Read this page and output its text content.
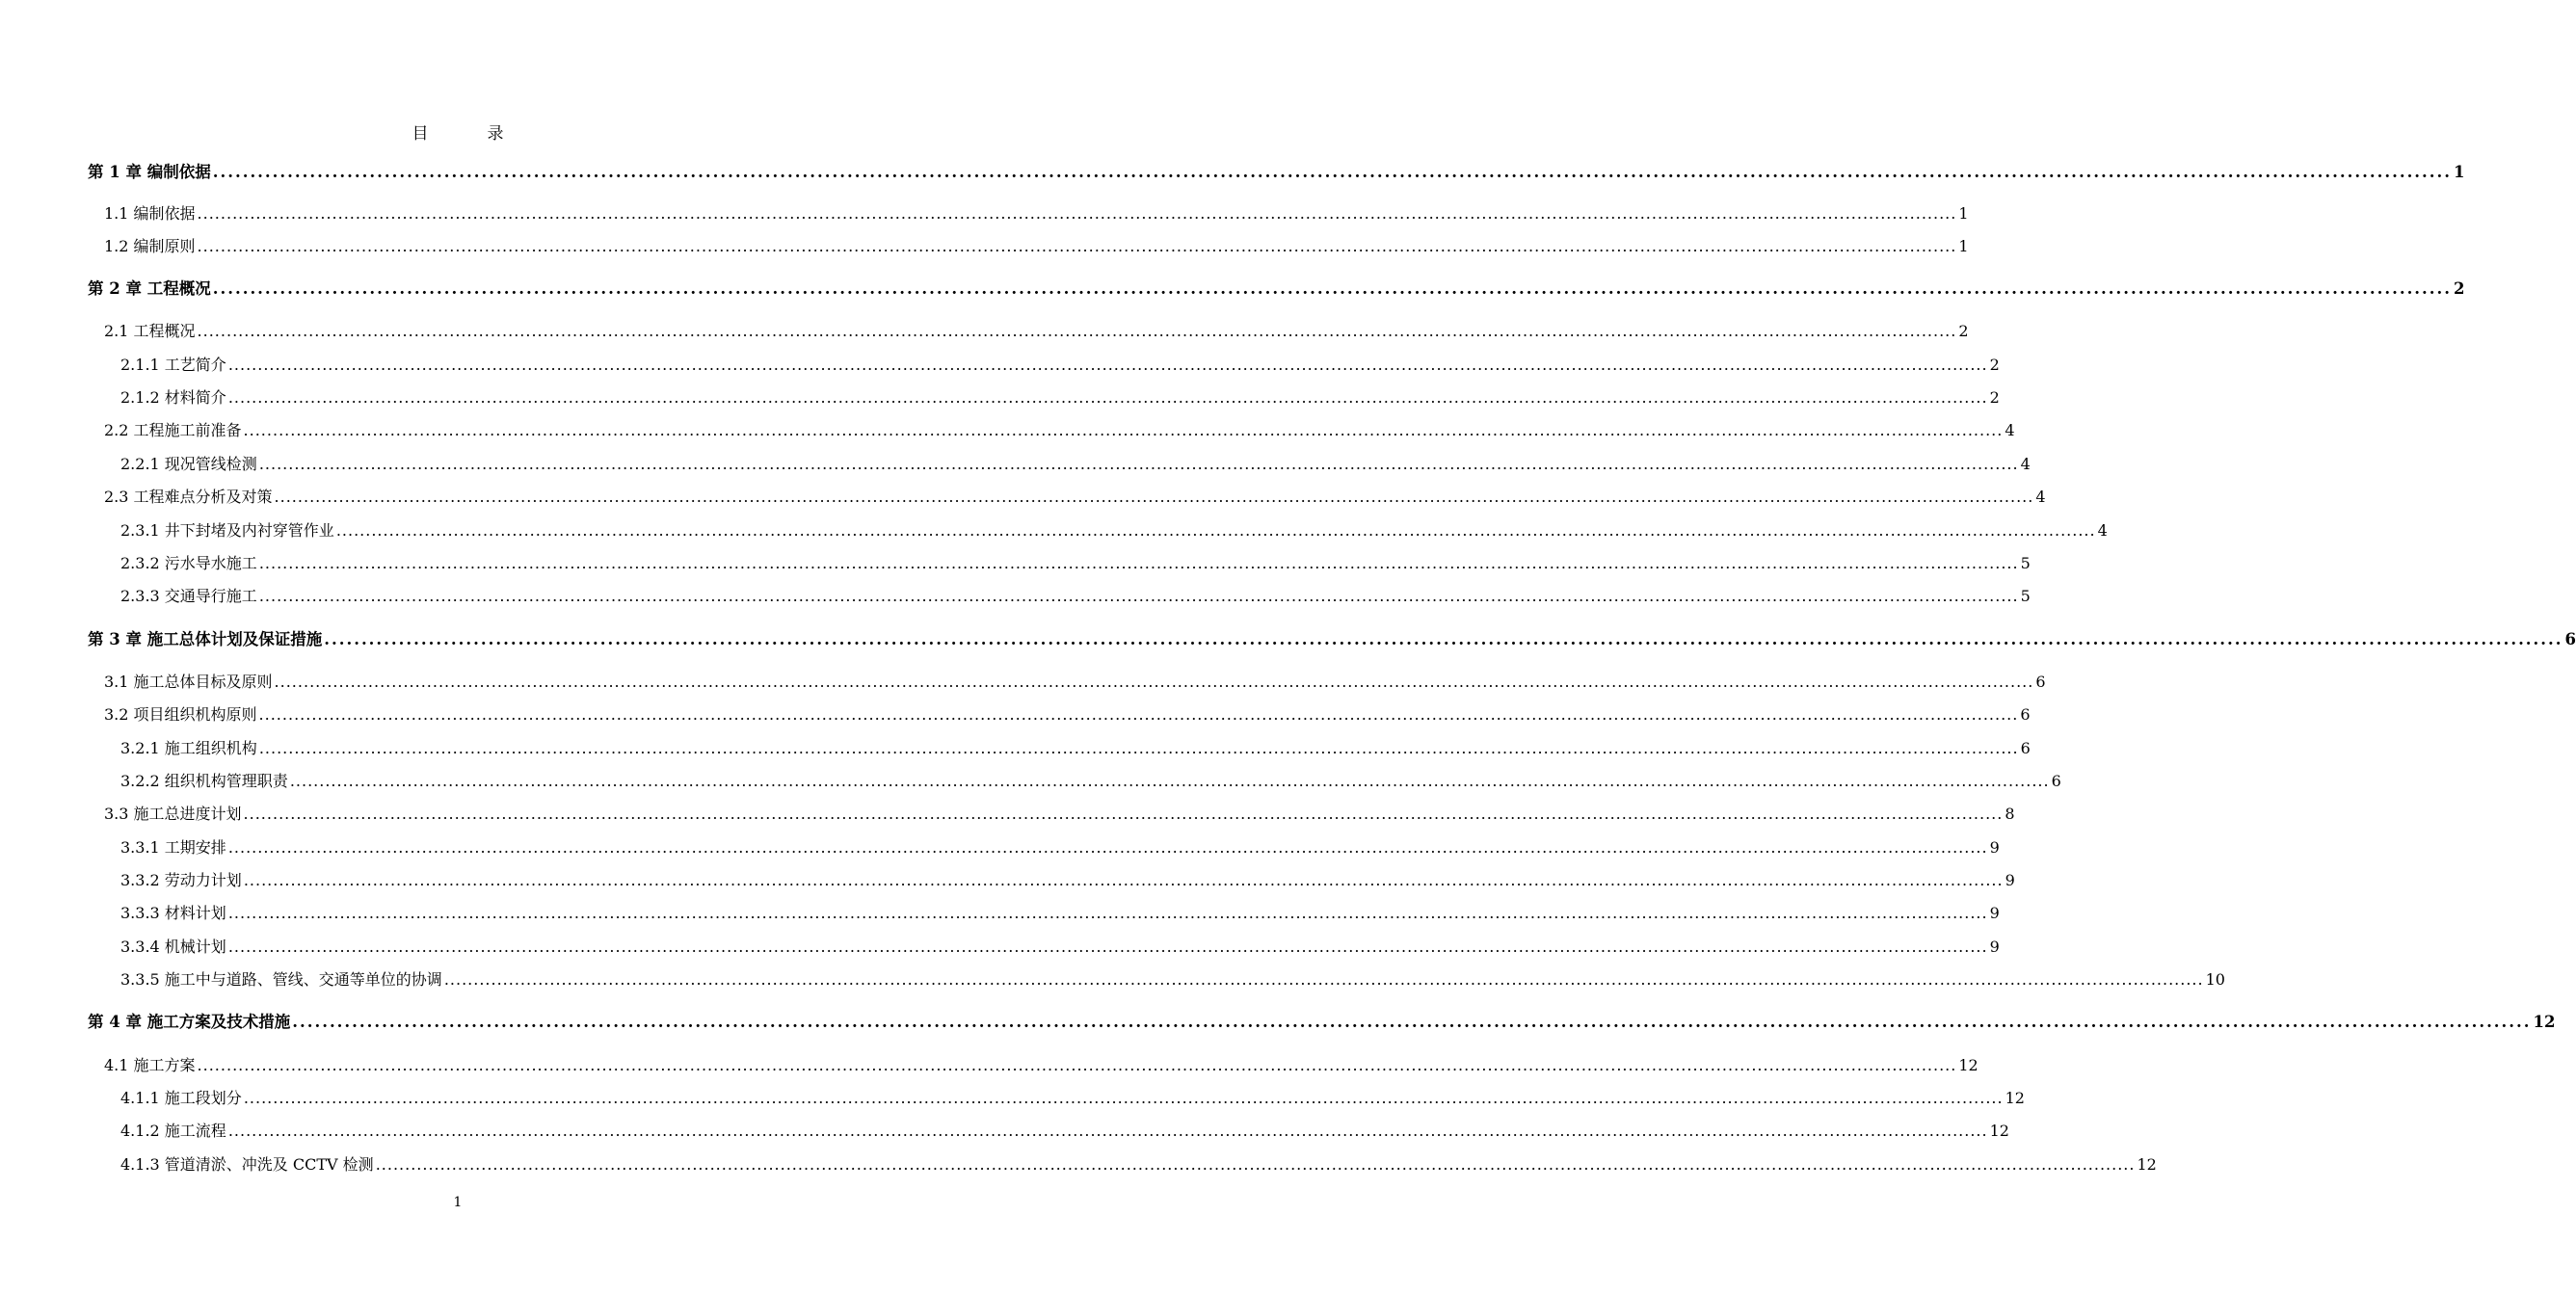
目　录
第 1 章 编制依据 ............................................................................................................................................................................................................................................................................................................ 1
1.1 编制依据 ............................................................................................................................................................................................................................................................................................................ 1
1.2 编制原则 ............................................................................................................................................................................................................................................................................................................ 1
第 2 章 工程概况 ............................................................................................................................................................................................................................................................................................................ 2
2.1 工程概况 ............................................................................................................................................................................................................................................................................................................ 2
2.1.1 工艺简介 ............................................................................................................................................................................................................................................................................................................ 2
2.1.2 材料简介 ............................................................................................................................................................................................................................................................................................................ 2
2.2 工程施工前准备 ............................................................................................................................................................................................................................................................................................................ 4
2.2.1 现况管线检测 ............................................................................................................................................................................................................................................................................................................ 4
2.3 工程难点分析及对策 ............................................................................................................................................................................................................................................................................................................ 4
2.3.1 井下封堵及内衬穿管作业 ............................................................................................................................................................................................................................................................................................................ 4
2.3.2 污水导水施工 ............................................................................................................................................................................................................................................................................................................ 5
2.3.3 交通导行施工 ............................................................................................................................................................................................................................................................................................................ 5
第 3 章 施工总体计划及保证措施 ............................................................................................................................................................................................................................................................................................................ 6
3.1 施工总体目标及原则 ............................................................................................................................................................................................................................................................................................................ 6
3.2 项目组织机构原则 ............................................................................................................................................................................................................................................................................................................ 6
3.2.1 施工组织机构 ............................................................................................................................................................................................................................................................................................................ 6
3.2.2 组织机构管理职责 ............................................................................................................................................................................................................................................................................................................ 6
3.3 施工总进度计划 ............................................................................................................................................................................................................................................................................................................ 8
3.3.1 工期安排 ............................................................................................................................................................................................................................................................................................................ 9
3.3.2 劳动力计划 ............................................................................................................................................................................................................................................................................................................ 9
3.3.3 材料计划 ............................................................................................................................................................................................................................................................................................................ 9
3.3.4 机械计划 ............................................................................................................................................................................................................................................................................................................ 9
3.3.5 施工中与道路、管线、交通等单位的协调 ............................................................................................................................................................................................................................................................................................................ 10
第 4 章 施工方案及技术措施 ............................................................................................................................................................................................................................................................................................................ 12
4.1 施工方案 ............................................................................................................................................................................................................................................................................................................ 12
4.1.1 施工段划分 ............................................................................................................................................................................................................................................................................................................ 12
4.1.2 施工流程 ............................................................................................................................................................................................................................................................................................................ 12
4.1.3 管道清淤、冲洗及 CCTV 检测 ............................................................................................................................................................................................................................................................................................................ 12
1
